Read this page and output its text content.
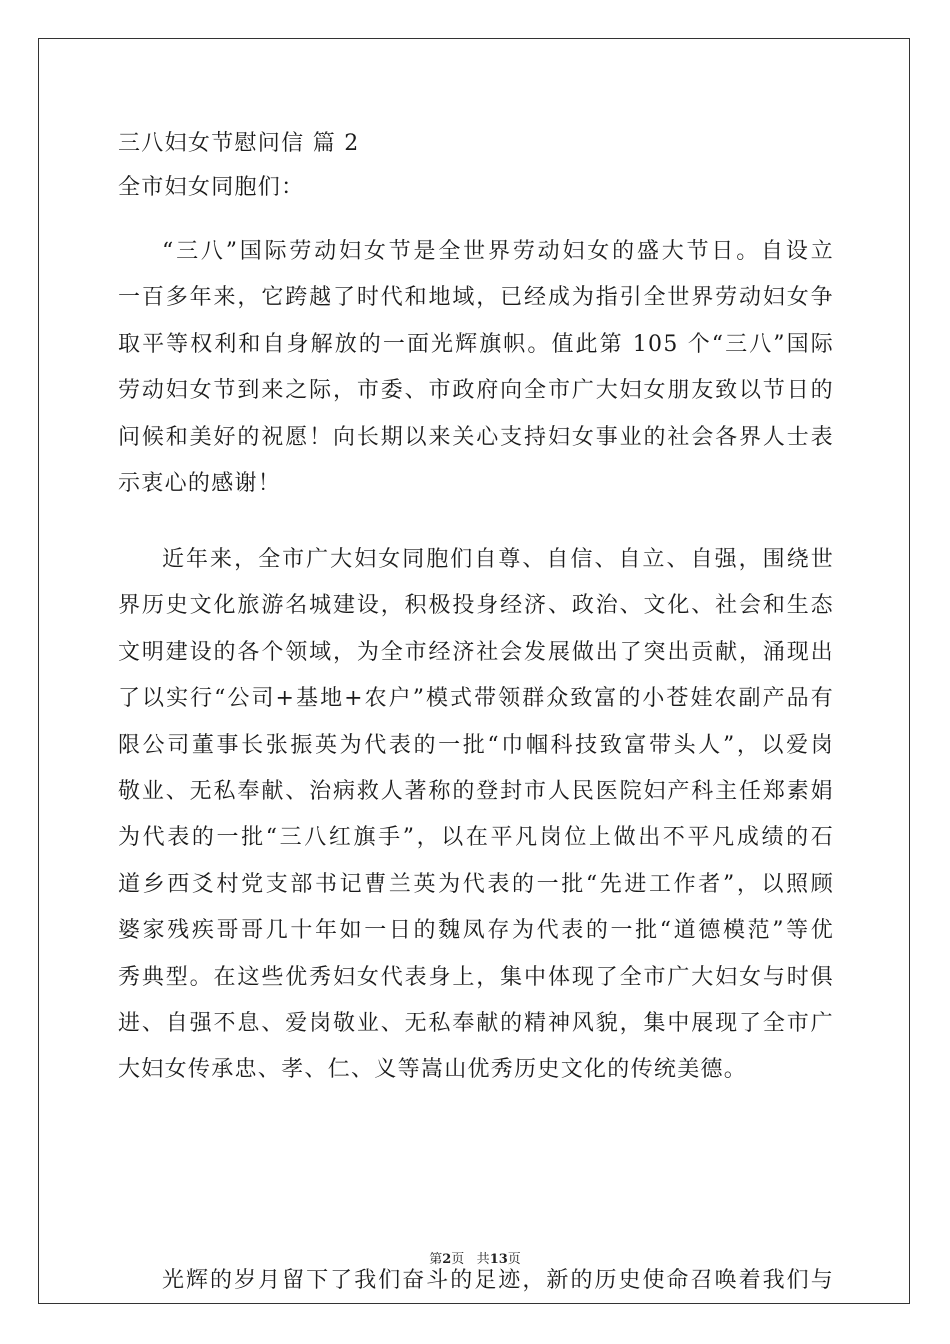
三八妇女节慰问信 篇 2

全市妇女同胞们：

“三八”国际劳动妇女节是全世界劳动妇女的盛大节日。自设立

一百多年来，它跨越了时代和地域，已经成为指引全世界劳动妇女争

取平等权利和自身解放的一面光辉旗帜。值此第 105 个“三八”国际

劳动妇女节到来之际，市委、市政府向全市广大妇女朋友致以节日的

问候和美好的祝愿！向长期以来关心支持妇女事业的社会各界人士表

示衷心的感谢！

近年来，全市广大妇女同胞们自尊、自信、自立、自强，围绕世

界历史文化旅游名城建设，积极投身经济、政治、文化、社会和生态

文明建设的各个领域，为全市经济社会发展做出了突出贡献，涌现出

了以实行“公司+基地+农户”模式带领群众致富的小苍娃农副产品有

限公司董事长张振英为代表的一批“巾帼科技致富带头人”，以爱岗

敬业、无私奉献、治病救人著称的登封市人民医院妇产科主任郑素娟

为代表的一批“三八红旗手”，以在平凡岗位上做出不平凡成绩的石

道乡西爻村党支部书记曹兰英为代表的一批“先进工作者”，以照顾

婆家残疾哥哥几十年如一日的魏凤存为代表的一批“道德模范”等优

秀典型。在这些优秀妇女代表身上，集中体现了全市广大妇女与时俱

进、自强不息、爱岗敬业、无私奉献的精神风貌，集中展现了全市广

大妇女传承忠、孝、仁、义等嵩山优秀历史文化的传统美德。

光辉的岁月留下了我们奋斗的足迹，新的历史使命召唤着我们与

第2页 共13页
